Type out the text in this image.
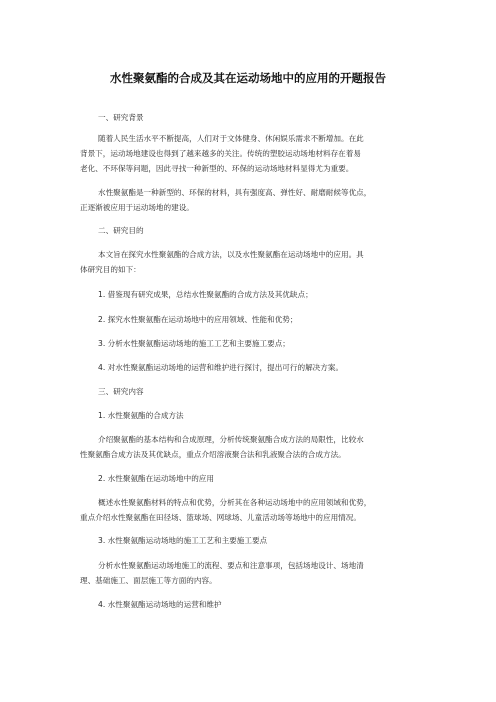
水性聚氨酯的合成及其在运动场地中的应用的开题报告
一、研究背景
随着人民生活水平不断提高，人们对于文体健身、休闲娱乐需求不断增加。在此
背景下，运动场地建设也得到了越来越多的关注。传统的塑胶运动场地材料存在着易
老化、不环保等问题，因此寻找一种新型的、环保的运动场地材料显得尤为重要。
水性聚氨酯是一种新型的、环保的材料，具有强度高、弹性好、耐磨耐候等优点，
正逐渐被应用于运动场地的建设。
二、研究目的
本文旨在探究水性聚氨酯的合成方法，以及水性聚氨酯在运动场地中的应用。具
体研究目的如下：
1. 借鉴现有研究成果，总结水性聚氨酯的合成方法及其优缺点；
2. 探究水性聚氨酯在运动场地中的应用领域、性能和优势；
3. 分析水性聚氨酯运动场地的施工工艺和主要施工要点；
4. 对水性聚氨酯运动场地的运营和维护进行探讨，提出可行的解决方案。
三、研究内容
1. 水性聚氨酯的合成方法
介绍聚氨酯的基本结构和合成原理，分析传统聚氨酯合成方法的局限性，比较水
性聚氨酯合成方法及其优缺点，重点介绍溶液聚合法和乳液聚合法的合成方法。
2. 水性聚氨酯在运动场地中的应用
概述水性聚氨酯材料的特点和优势，分析其在各种运动场地中的应用领域和优势，
重点介绍水性聚氨酯在田径场、篮球场、网球场、儿童活动场等场地中的应用情况。
3. 水性聚氨酯运动场地的施工工艺和主要施工要点
分析水性聚氨酯运动场地施工的流程、要点和注意事项，包括场地设计、场地清
理、基础施工、面层施工等方面的内容。
4. 水性聚氨酯运动场地的运营和维护
